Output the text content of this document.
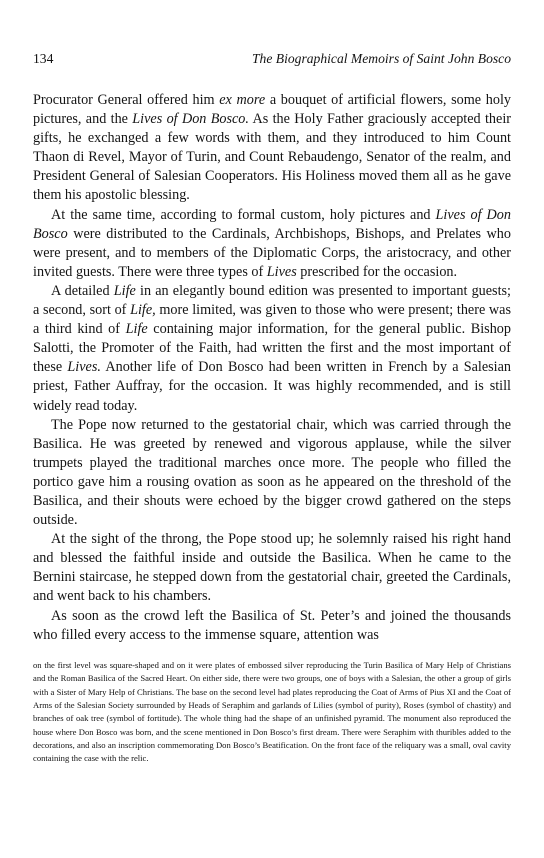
134	The Biographical Memoirs of Saint John Bosco

Procurator General offered him ex more a bouquet of artificial flowers, some holy pictures, and the Lives of Don Bosco. As the Holy Father graciously accepted their gifts, he exchanged a few words with them, and they introduced to him Count Thaon di Revel, Mayor of Turin, and Count Rebaudengo, Senator of the realm, and President General of Salesian Cooperators. His Holiness moved them all as he gave them his apostolic blessing.

At the same time, according to formal custom, holy pictures and Lives of Don Bosco were distributed to the Cardinals, Archbishops, Bishops, and Prelates who were present, and to members of the Diplomatic Corps, the aristocracy, and other invited guests. There were three types of Lives prescribed for the occasion.

A detailed Life in an elegantly bound edition was presented to important guests; a second, sort of Life, more limited, was given to those who were present; there was a third kind of Life containing major information, for the general public. Bishop Salotti, the Promoter of the Faith, had written the first and the most important of these Lives. Another life of Don Bosco had been written in French by a Salesian priest, Father Auffray, for the occasion. It was highly recommended, and is still widely read today.

The Pope now returned to the gestatorial chair, which was carried through the Basilica. He was greeted by renewed and vigorous applause, while the silver trumpets played the traditional marches once more. The people who filled the portico gave him a rousing ovation as soon as he appeared on the threshold of the Basilica, and their shouts were echoed by the bigger crowd gathered on the steps outside.

At the sight of the throng, the Pope stood up; he solemnly raised his right hand and blessed the faithful inside and outside the Basilica. When he came to the Bernini staircase, he stepped down from the gestatorial chair, greeted the Cardinals, and went back to his chambers.

As soon as the crowd left the Basilica of St. Peter’s and joined the thousands who filled every access to the immense square, attention was

on the first level was square-shaped and on it were plates of embossed silver reproducing the Turin Basilica of Mary Help of Christians and the Roman Basilica of the Sacred Heart. On either side, there were two groups, one of boys with a Salesian, the other a group of girls with a Sister of Mary Help of Christians. The base on the second level had plates reproducing the Coat of Arms of Pius XI and the Coat of Arms of the Salesian Society surrounded by Heads of Seraphim and garlands of Lilies (symbol of purity), Roses (symbol of chastity) and branches of oak tree (symbol of fortitude). The whole thing had the shape of an unfinished pyramid. The monument also reproduced the house where Don Bosco was born, and the scene mentioned in Don Bosco’s first dream. There were Seraphim with thuribles added to the decorations, and also an inscription commemorating Don Bosco’s Beatification. On the front face of the reliquary was a small, oval cavity containing the case with the relic.
